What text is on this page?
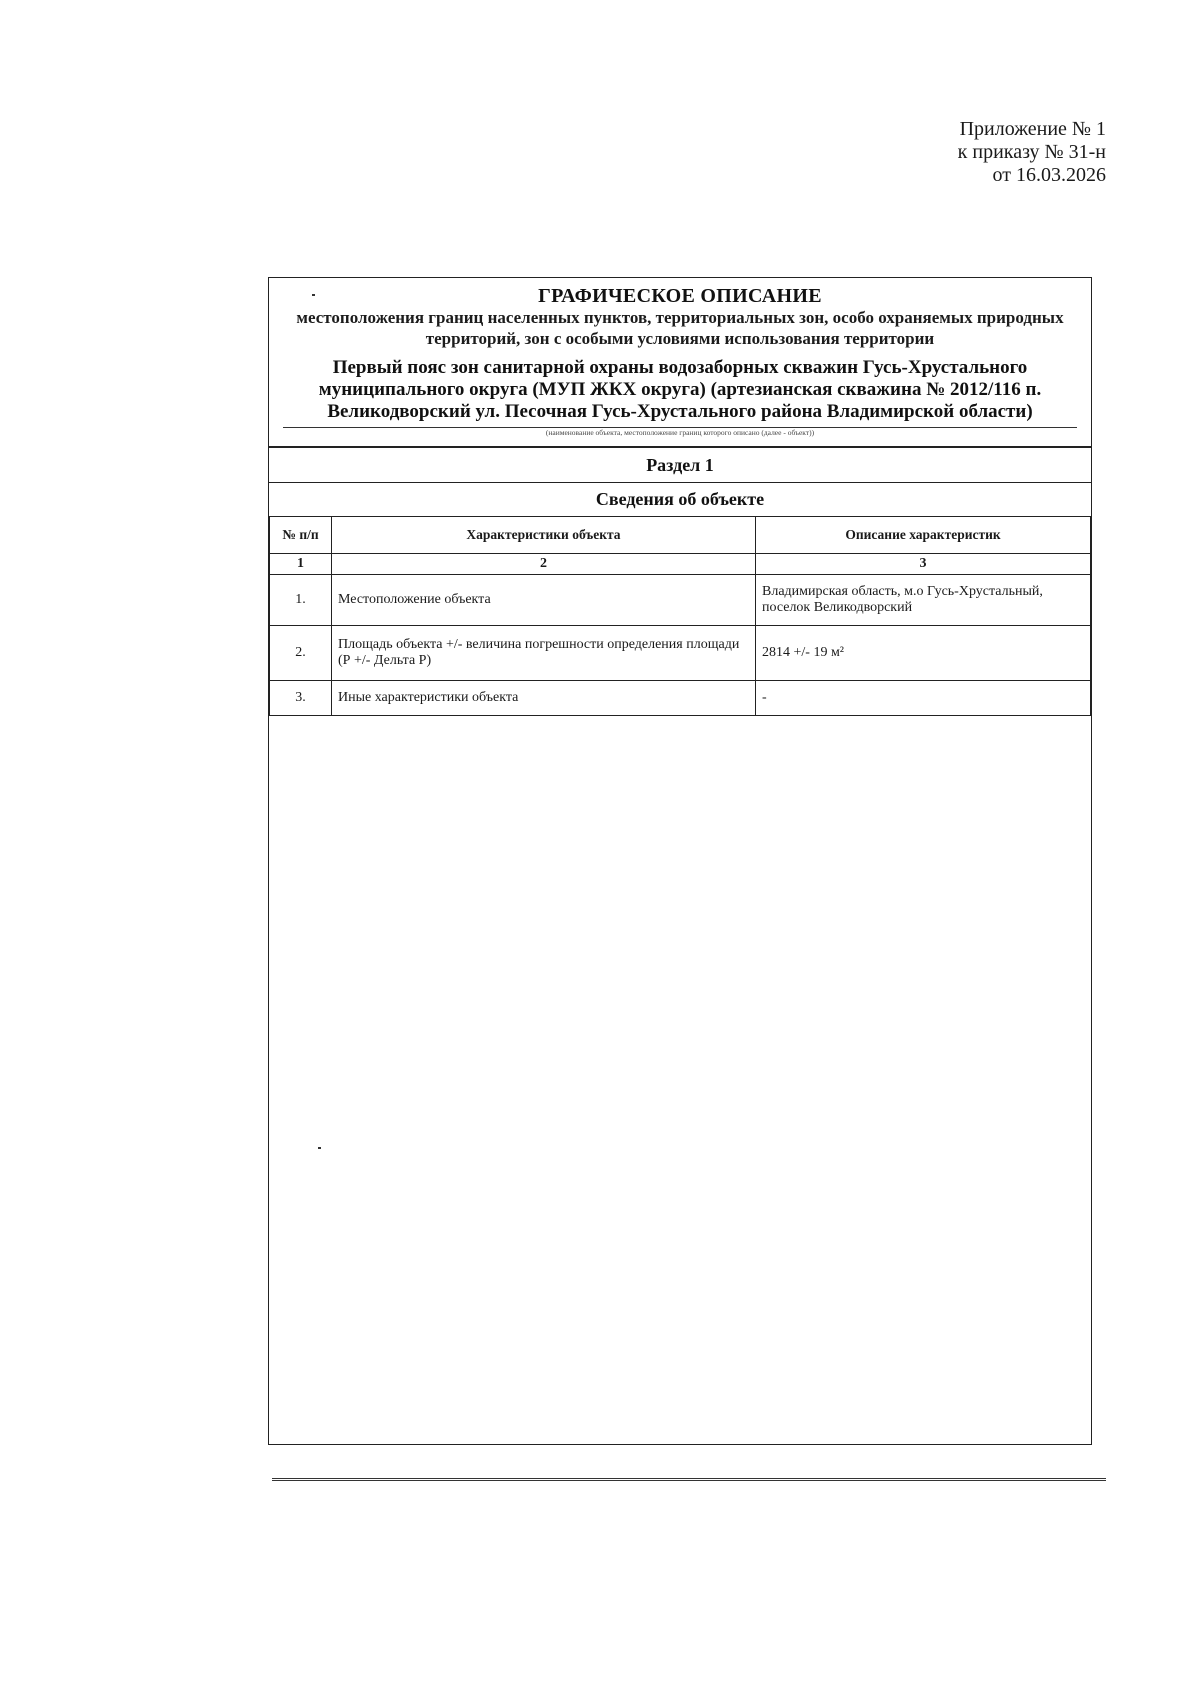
Приложение № 1
к приказу № 31-н
от 16.03.2026
ГРАФИЧЕСКОЕ ОПИСАНИЕ
местоположения границ населенных пунктов, территориальных зон, особо охраняемых природных территорий, зон с особыми условиями использования территории
Первый пояс зон санитарной охраны водозаборных скважин Гусь-Хрустального муниципального округа (МУП ЖКХ округа) (артезианская скважина № 2012/116 п. Великодворский ул. Песочная Гусь-Хрустального района Владимирской области)
(наименование объекта, местоположение границ которого описано (далее - объект))
Раздел 1
Сведения об объекте
№ п/п	Характеристики объекта	Описание характеристик
1	2	3
1.	Местоположение объекта	Владимирская область, м.о Гусь-Хрустальный, поселок Великодворский
2.	Площадь объекта +/- величина погрешности определения площади (Р +/- Дельта Р)	2814 +/- 19 м²
3.	Иные характеристики объекта	-
